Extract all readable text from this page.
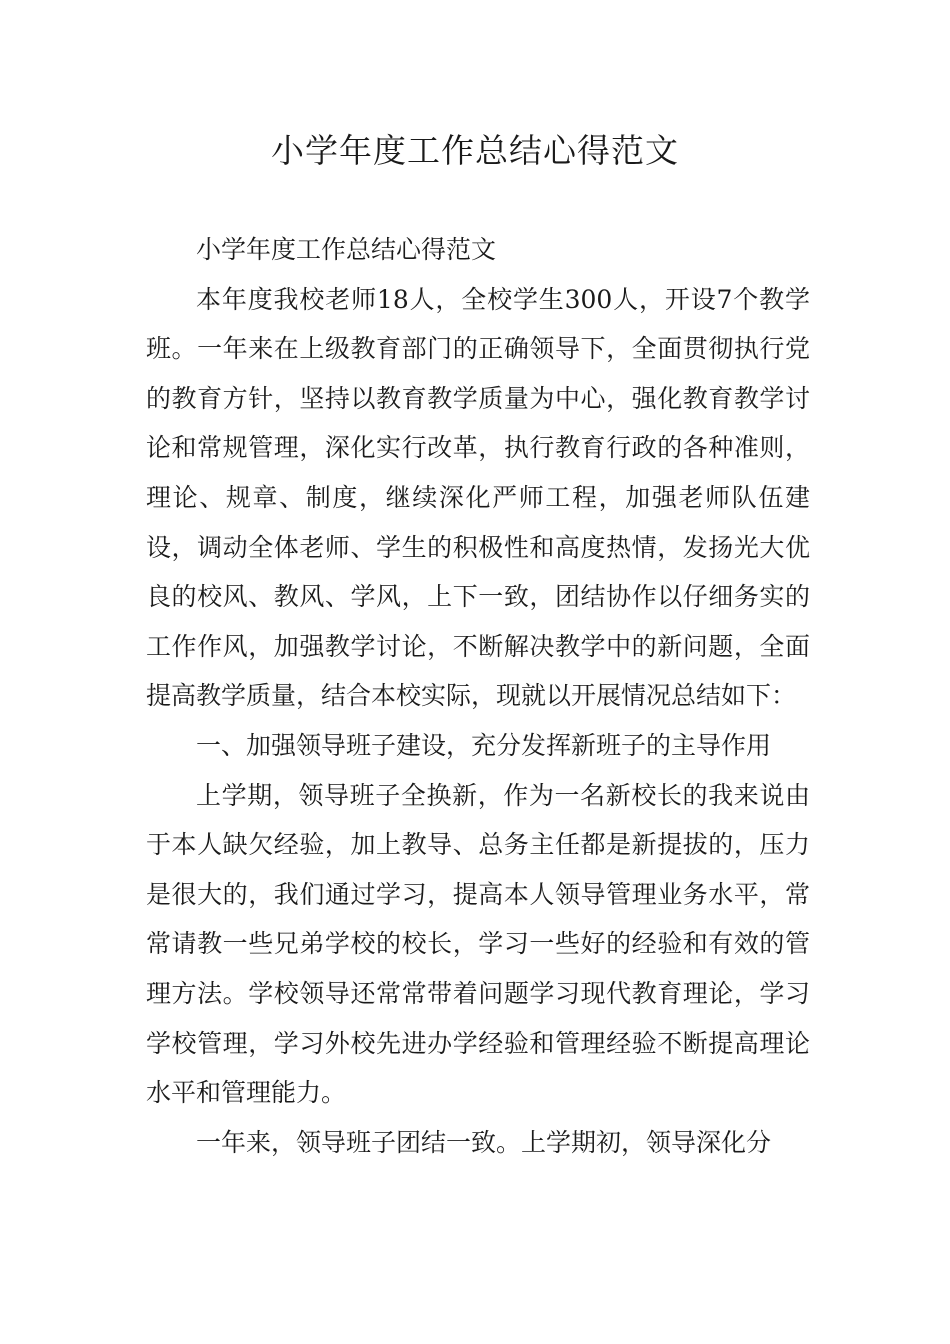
小学年度工作总结心得范文

小学年度工作总结心得范文

本年度我校老师18人，全校学生300人，开设7个教学班。一年来在上级教育部门的正确领导下，全面贯彻执行党的教育方针，坚持以教育教学质量为中心，强化教育教学讨论和常规管理，深化实行改革，执行教育行政的各种准则，理论、规章、制度，继续深化严师工程，加强老师队伍建设，调动全体老师、学生的积极性和高度热情，发扬光大优良的校风、教风、学风，上下一致，团结协作以仔细务实的工作作风，加强教学讨论，不断解决教学中的新问题，全面提高教学质量，结合本校实际，现就以开展情况总结如下：

一、加强领导班子建设，充分发挥新班子的主导作用

上学期，领导班子全换新，作为一名新校长的我来说由于本人缺欠经验，加上教导、总务主任都是新提拔的，压力是很大的，我们通过学习，提高本人领导管理业务水平，常常请教一些兄弟学校的校长，学习一些好的经验和有效的管理方法。学校领导还常常带着问题学习现代教育理论，学习学校管理，学习外校先进办学经验和管理经验不断提高理论水平和管理能力。

一年来，领导班子团结一致。上学期初，领导深化分
